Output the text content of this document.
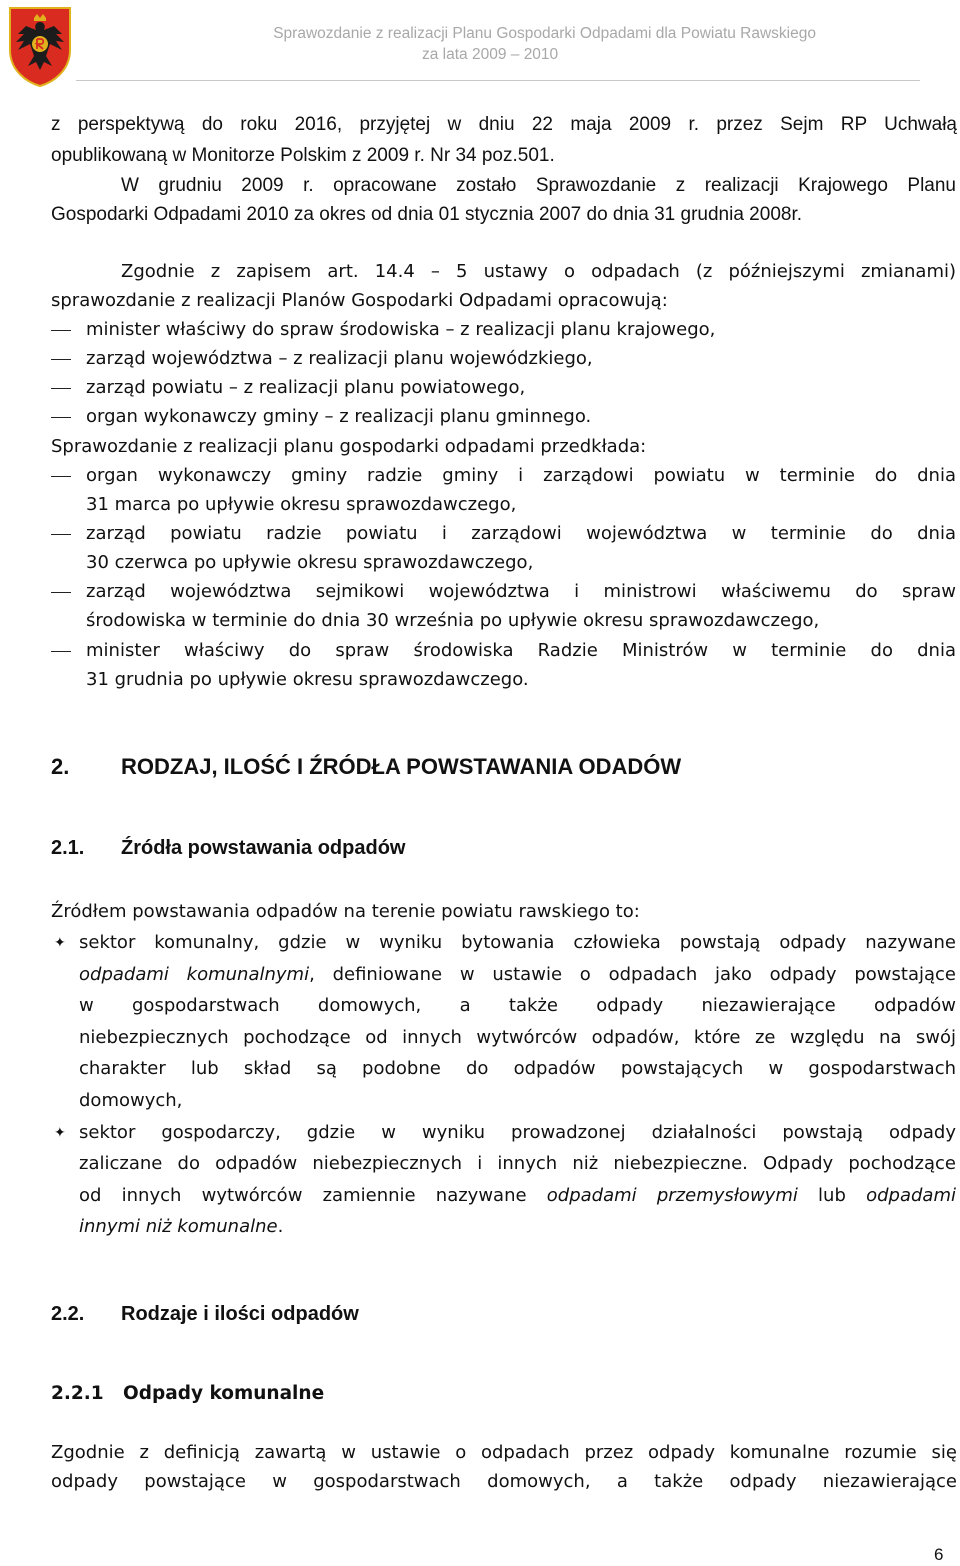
Sprawozdanie z realizacji Planu Gospodarki Odpadami dla Powiatu Rawskiego
za lata 2009 – 2010
z perspektywą do roku 2016, przyjętej w dniu 22 maja 2009 r. przez Sejm RP Uchwałą
opublikowaną w Monitorze Polskim z 2009 r. Nr 34 poz.501.
W grudniu 2009 r. opracowane zostało Sprawozdanie z realizacji Krajowego Planu
Gospodarki Odpadami 2010 za okres od dnia 01 stycznia 2007 do dnia 31 grudnia 2008r.
Zgodnie z zapisem art. 14.4 – 5 ustawy o odpadach (z późniejszymi zmianami)
sprawozdanie z realizacji Planów Gospodarki Odpadami opracowują:
minister właściwy do spraw środowiska – z realizacji planu krajowego,
zarząd województwa – z realizacji planu wojewódzkiego,
zarząd powiatu – z realizacji planu powiatowego,
organ wykonawczy gminy – z realizacji planu gminnego.
Sprawozdanie z realizacji planu gospodarki odpadami przedkłada:
organ wykonawczy gminy radzie gminy i zarządowi powiatu w terminie do dnia
31 marca po upływie okresu sprawozdawczego,
zarząd powiatu radzie powiatu i zarządowi województwa w terminie do dnia
30 czerwca po upływie okresu sprawozdawczego,
zarząd województwa sejmikowi województwa i ministrowi właściwemu do spraw
środowiska w terminie do dnia 30 września po upływie okresu sprawozdawczego,
minister właściwy do spraw środowiska Radzie Ministrów w terminie do dnia
31 grudnia po upływie okresu sprawozdawczego.
2.	RODZAJ, ILOŚĆ I ŹRÓDŁA POWSTAWANIA ODADÓW
2.1.	Źródła powstawania odpadów
Źródłem powstawania odpadów na terenie powiatu rawskiego to:
✦ sektor komunalny, gdzie w wyniku bytowania człowieka powstają odpady nazywane
odpadami komunalnymi, definiowane w ustawie o odpadach jako odpady powstające
w gospodarstwach domowych, a także odpady niezawierające odpadów
niebezpiecznych pochodzące od innych wytwórców odpadów, które ze względu na swój
charakter lub skład są podobne do odpadów powstających w gospodarstwach
domowych,
✦ sektor gospodarczy, gdzie w wyniku prowadzonej działalności powstają odpady
zaliczane do odpadów niebezpiecznych i innych niż niebezpieczne. Odpady pochodzące
od innych wytwórców zamiennie nazywane odpadami przemysłowymi lub odpadami
innymi niż komunalne.
2.2.	Rodzaje i ilości odpadów
2.2.1	Odpady komunalne
Zgodnie z definicją zawartą w ustawie o odpadach przez odpady komunalne rozumie się
odpady powstające w gospodarstwach domowych, a także odpady niezawierające
6
